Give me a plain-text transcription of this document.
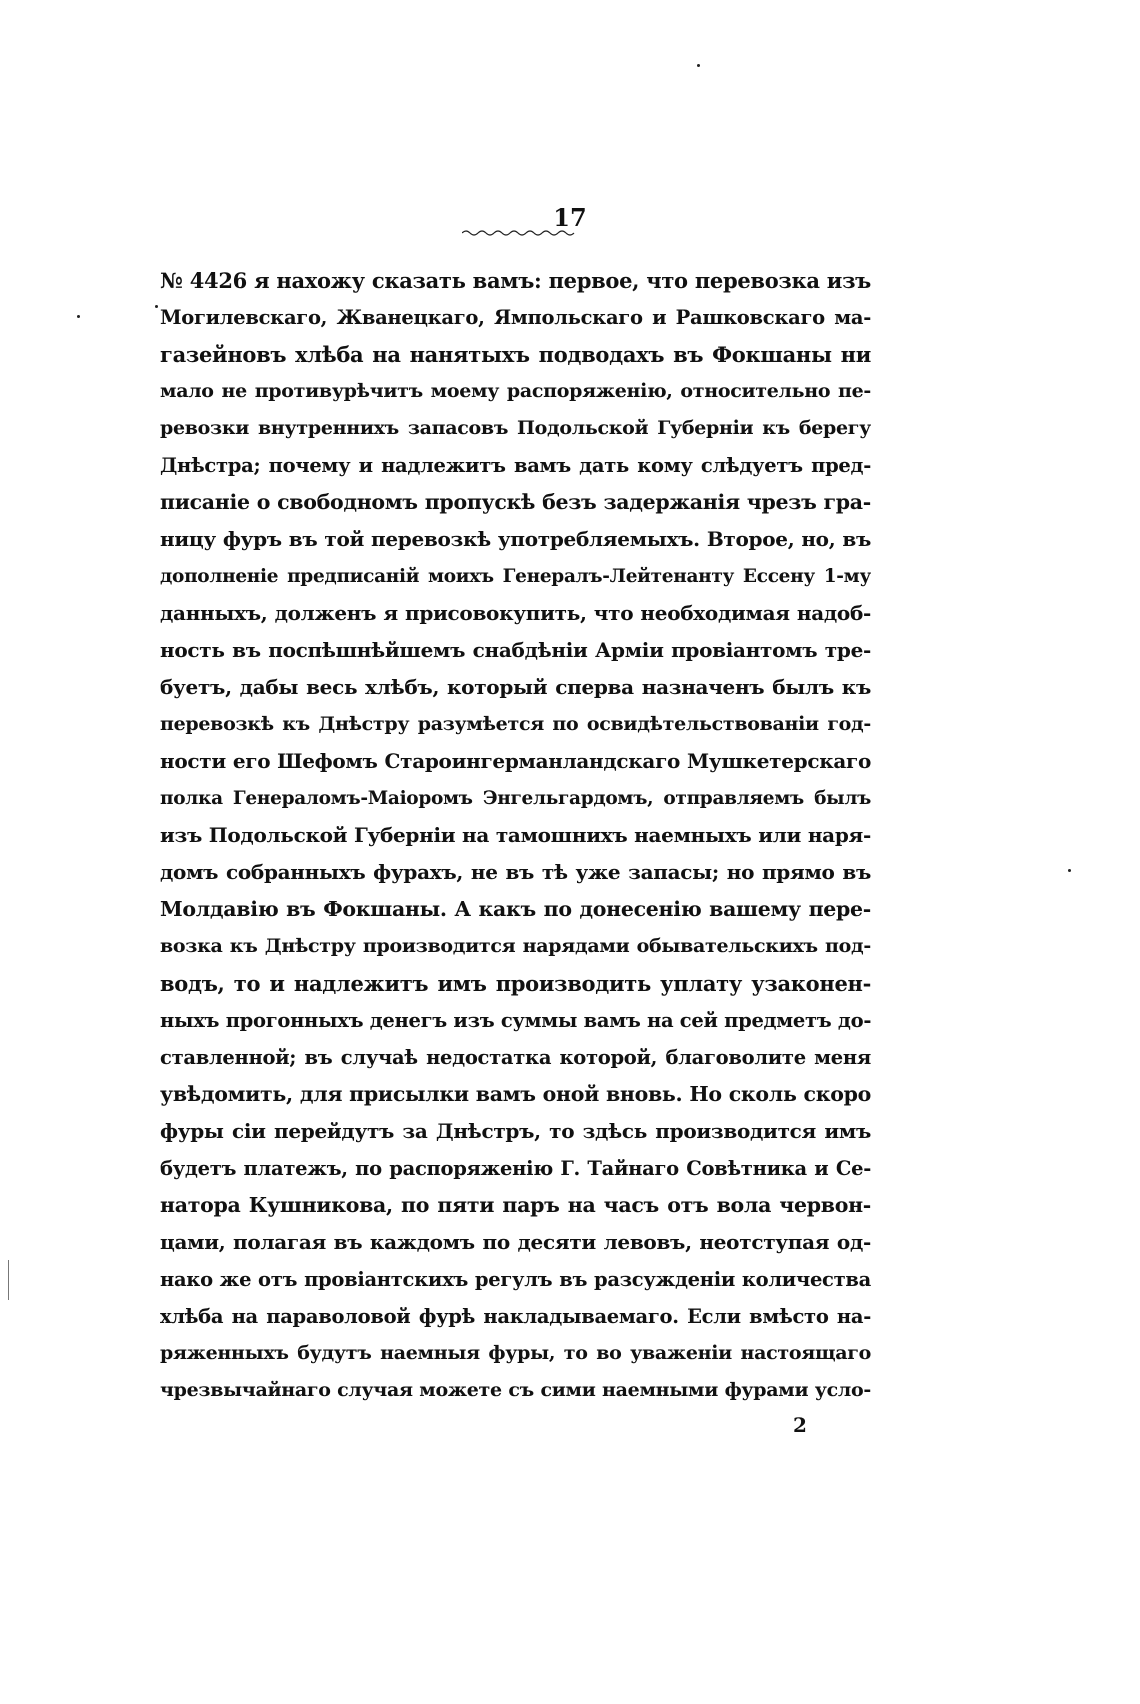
17
№ 4426 я нахожу сказать вамъ: первое, что перевозка изъ
Могилевскаго, Жванецкаго, Ямпольскаго и Рашковскаго ма-
газейновъ хлѣба на нанятыхъ подводахъ въ Фокшаны ни
мало не противурѣчитъ моему распоряженію, относительно пе-
ревозки внутреннихъ запасовъ Подольской Губерніи къ берегу
Днѣстра; почему и надлежитъ вамъ дать кому слѣдуетъ пред-
писаніе о свободномъ пропускѣ безъ задержанія чрезъ гра-
ницу фуръ въ той перевозкѣ употребляемыхъ. Второе, но, въ
дополненіе предписаній моихъ Генералъ-Лейтенанту Ессену 1-му
данныхъ, долженъ я присовокупить, что необходимая надоб-
ность въ поспѣшнѣйшемъ снабдѣніи Арміи провіантомъ тре-
буетъ, дабы весь хлѣбъ, который сперва назначенъ былъ къ
перевозкѣ къ Днѣстру разумѣется по освидѣтельствованіи год-
ности его Шефомъ Староингерманландскаго Мушкетерскаго
полка Генераломъ-Маіоромъ Энгельгардомъ, отправляемъ былъ
изъ Подольской Губерніи на тамошнихъ наемныхъ или наря-
домъ собранныхъ фурахъ, не въ тѣ уже запасы; но прямо въ
Молдавію въ Фокшаны. А какъ по донесенію вашему пере-
возка къ Днѣстру производится нарядами обывательскихъ под-
водъ, то и надлежитъ имъ производить уплату узаконен-
ныхъ прогонныхъ денегъ изъ суммы вамъ на сей предметъ до-
ставленной; въ случаѣ недостатка которой, благоволите меня
увѣдомить, для присылки вамъ оной вновь. Но сколь скоро
фуры сіи перейдутъ за Днѣстръ, то здѣсь производится имъ
будетъ платежъ, по распоряженію Г. Тайнаго Совѣтника и Се-
натора Кушникова, по пяти паръ на часъ отъ вола червон-
цами, полагая въ каждомъ по десяти левовъ, неотступая од-
нако же отъ провіантскихъ регулъ въ разсужденіи количества
хлѣба на параволовой фурѣ накладываемаго. Если вмѣсто на-
ряженныхъ будутъ наемныя фуры, то во уваженіи настоящаго
чрезвычайнаго случая можете съ сими наемными фурами усло-
2
